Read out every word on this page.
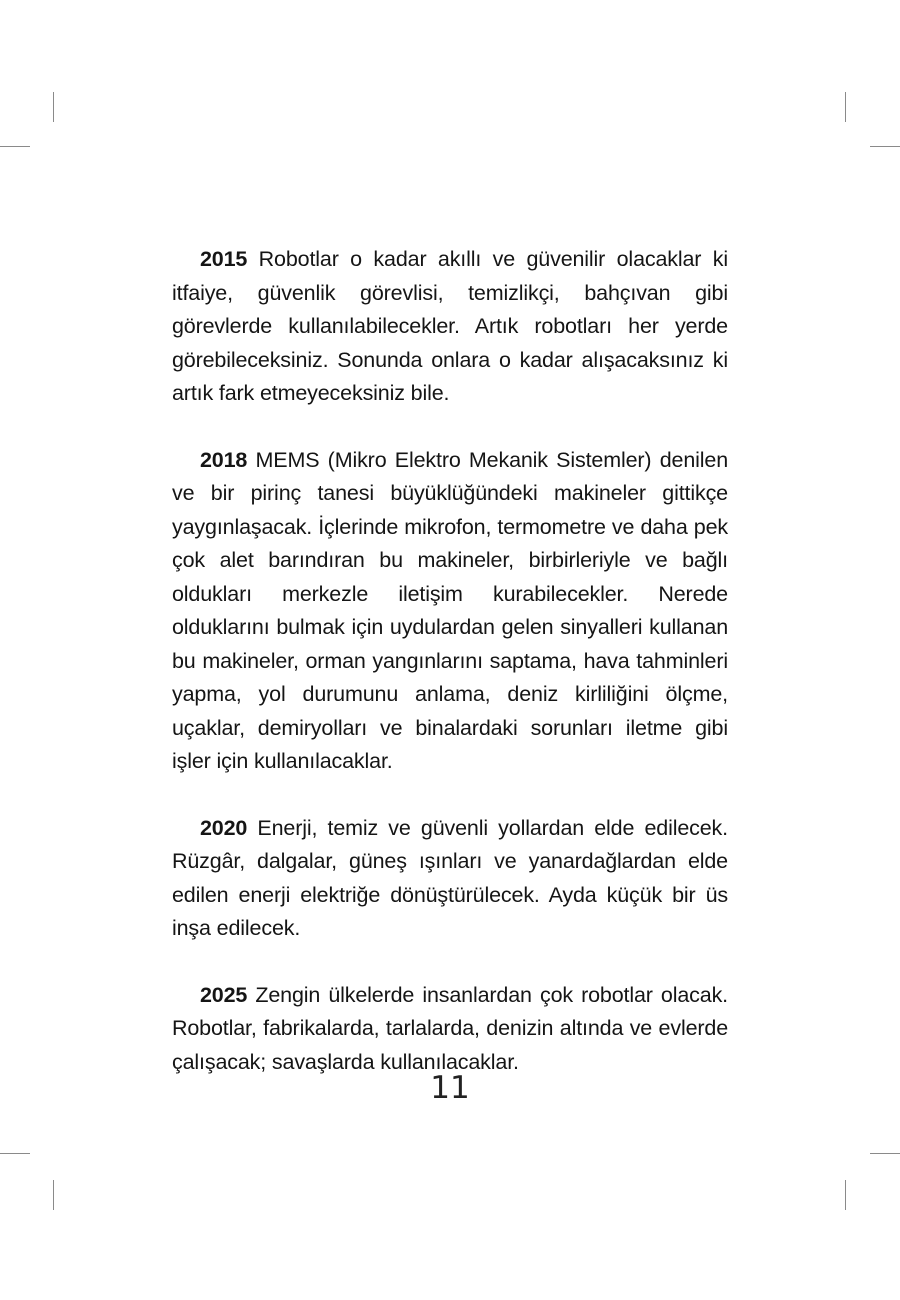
2015 Robotlar o kadar akıllı ve güvenilir olacaklar ki itfaiye, güvenlik görevlisi, temizlikçi, bahçıvan gibi görevlerde kullanılabilecekler. Artık robotları her yerde görebileceksiniz. Sonunda onlara o kadar alışacaksınız ki artık fark etmeyeceksiniz bile.

2018 MEMS (Mikro Elektro Mekanik Sistemler) denilen ve bir pirinç tanesi büyüklüğündeki makineler gittikçe yaygınlaşacak. İçlerinde mikrofon, termometre ve daha pek çok alet barındıran bu makineler, birbirleriyle ve bağlı oldukları merkezle iletişim kurabilecekler. Nerede olduklarını bulmak için uydulardan gelen sinyalleri kullanan bu makineler, orman yangınlarını saptama, hava tahminleri yapma, yol durumunu anlama, deniz kirliliğini ölçme, uçaklar, demiryolları ve binalardaki sorunları iletme gibi işler için kullanılacaklar.

2020 Enerji, temiz ve güvenli yollardan elde edilecek. Rüzgâr, dalgalar, güneş ışınları ve yanardağlardan elde edilen enerji elektriğe dönüştürülecek. Ayda küçük bir üs inşa edilecek.

2025 Zengin ülkelerde insanlardan çok robotlar olacak. Robotlar, fabrikalarda, tarlalarda, denizin altında ve evlerde çalışacak; savaşlarda kullanılacaklar.

11
